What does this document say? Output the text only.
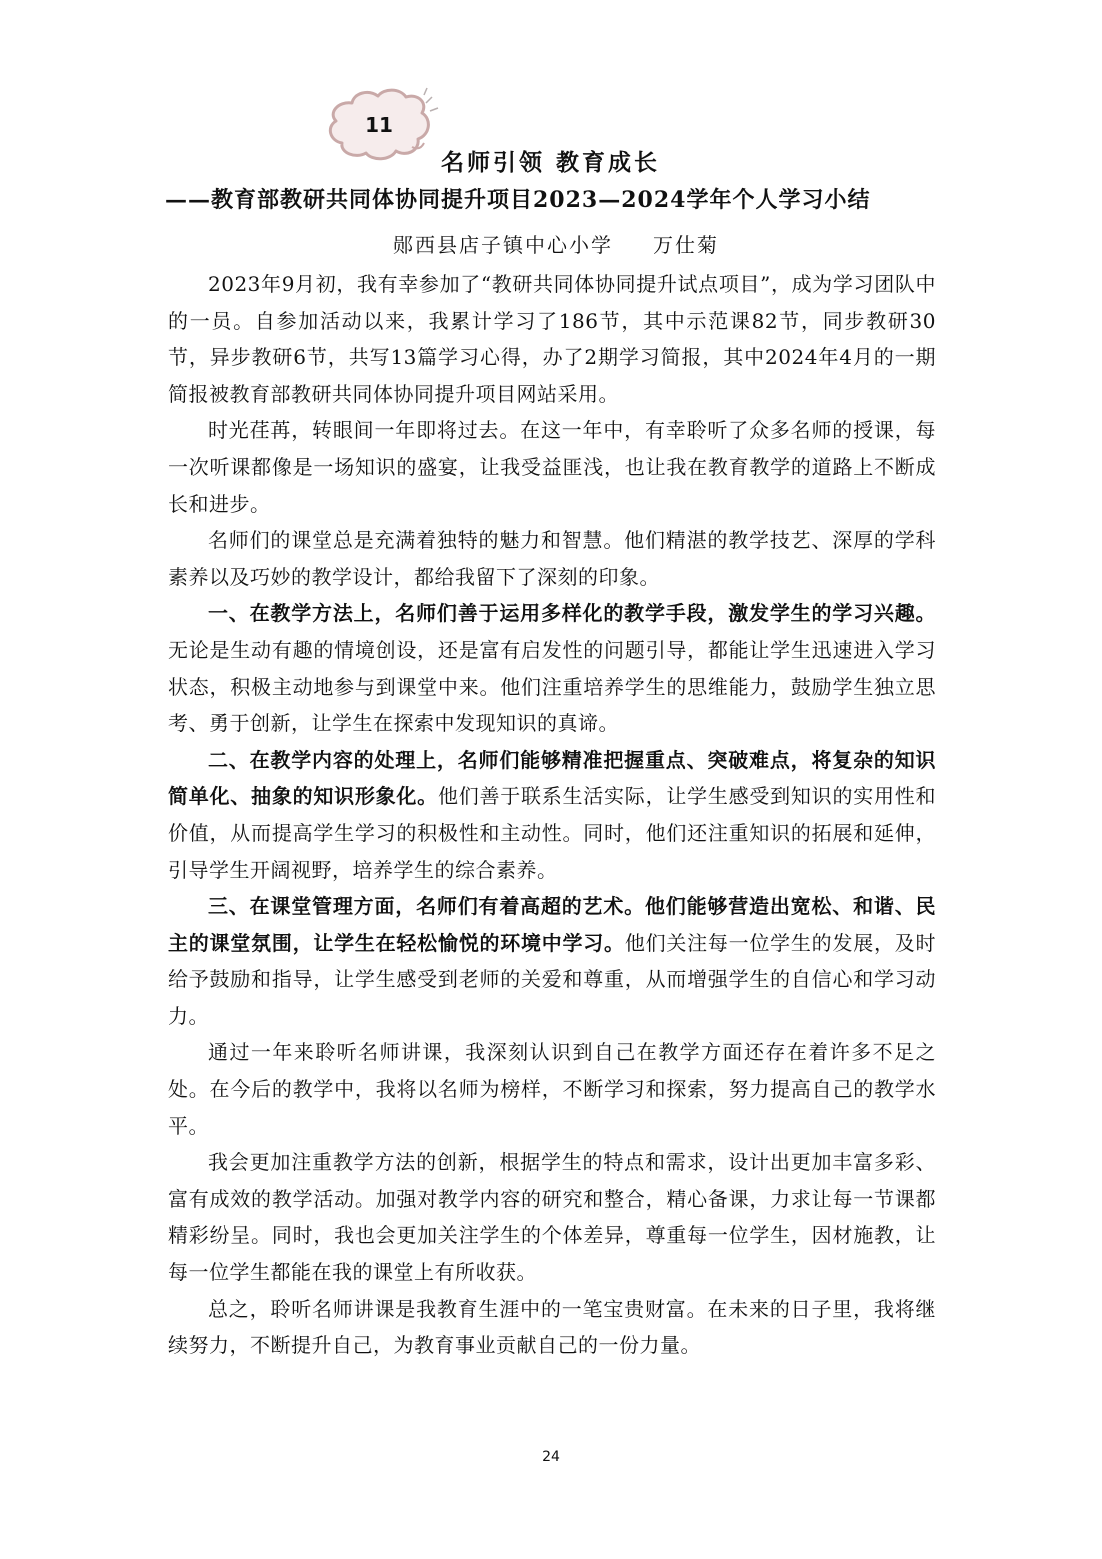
11
名师引领 教育成长
——教育部教研共同体协同提升项目2023—2024学年个人学习小结
郧西县店子镇中心小学 万仕菊

2023年9月初，我有幸参加了“教研共同体协同提升试点项目”，成为学习团队中的一员。自参加活动以来，我累计学习了186节，其中示范课82节，同步教研30节，异步教研6节，共写13篇学习心得，办了2期学习简报，其中2024年4月的一期简报被教育部教研共同体协同提升项目网站采用。

时光荏苒，转眼间一年即将过去。在这一年中，有幸聆听了众多名师的授课，每一次听课都像是一场知识的盛宴，让我受益匪浅，也让我在教育教学的道路上不断成长和进步。

名师们的课堂总是充满着独特的魅力和智慧。他们精湛的教学技艺、深厚的学科素养以及巧妙的教学设计，都给我留下了深刻的印象。

一、在教学方法上，名师们善于运用多样化的教学手段，激发学生的学习兴趣。无论是生动有趣的情境创设，还是富有启发性的问题引导，都能让学生迅速进入学习状态，积极主动地参与到课堂中来。他们注重培养学生的思维能力，鼓励学生独立思考、勇于创新，让学生在探索中发现知识的真谛。

二、在教学内容的处理上，名师们能够精准把握重点、突破难点，将复杂的知识简单化、抽象的知识形象化。他们善于联系生活实际，让学生感受到知识的实用性和价值，从而提高学生学习的积极性和主动性。同时，他们还注重知识的拓展和延伸，引导学生开阔视野，培养学生的综合素养。

三、在课堂管理方面，名师们有着高超的艺术。他们能够营造出宽松、和谐、民主的课堂氛围，让学生在轻松愉悦的环境中学习。他们关注每一位学生的发展，及时给予鼓励和指导，让学生感受到老师的关爱和尊重，从而增强学生的自信心和学习动力。

通过一年来聆听名师讲课，我深刻认识到自己在教学方面还存在着许多不足之处。在今后的教学中，我将以名师为榜样，不断学习和探索，努力提高自己的教学水平。

我会更加注重教学方法的创新，根据学生的特点和需求，设计出更加丰富多彩、富有成效的教学活动。加强对教学内容的研究和整合，精心备课，力求让每一节课都精彩纷呈。同时，我也会更加关注学生的个体差异，尊重每一位学生，因材施教，让每一位学生都能在我的课堂上有所收获。

总之，聆听名师讲课是我教育生涯中的一笔宝贵财富。在未来的日子里，我将继续努力，不断提升自己，为教育事业贡献自己的一份力量。

24
